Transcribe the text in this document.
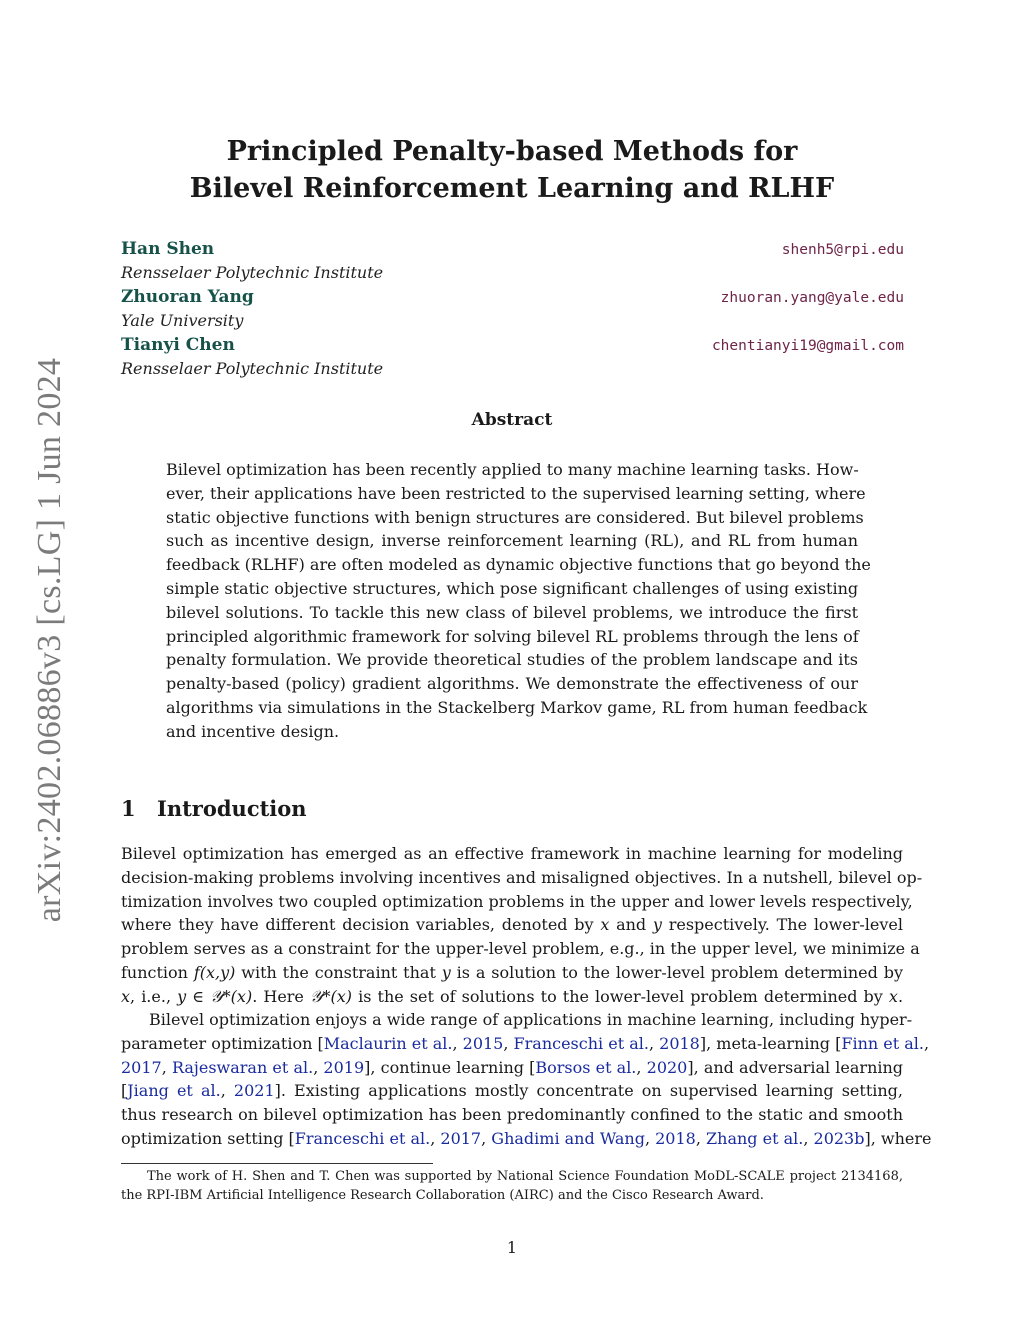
arXiv:2402.06886v3 [cs.LG] 1 Jun 2024
Principled Penalty-based Methods for
Bilevel Reinforcement Learning and RLHF
Han Shen	shenh5@rpi.edu
Rensselaer Polytechnic Institute
Zhuoran Yang	zhuoran.yang@yale.edu
Yale University
Tianyi Chen	chentianyi19@gmail.com
Rensselaer Polytechnic Institute
Abstract
Bilevel optimization has been recently applied to many machine learning tasks. How-
ever, their applications have been restricted to the supervised learning setting, where
static objective functions with benign structures are considered. But bilevel problems
such as incentive design, inverse reinforcement learning (RL), and RL from human
feedback (RLHF) are often modeled as dynamic objective functions that go beyond the
simple static objective structures, which pose significant challenges of using existing
bilevel solutions. To tackle this new class of bilevel problems, we introduce the first
principled algorithmic framework for solving bilevel RL problems through the lens of
penalty formulation. We provide theoretical studies of the problem landscape and its
penalty-based (policy) gradient algorithms. We demonstrate the effectiveness of our
algorithms via simulations in the Stackelberg Markov game, RL from human feedback
and incentive design.
1 Introduction
Bilevel optimization has emerged as an effective framework in machine learning for modeling
decision-making problems involving incentives and misaligned objectives. In a nutshell, bilevel op-
timization involves two coupled optimization problems in the upper and lower levels respectively,
where they have different decision variables, denoted by x and y respectively. The lower-level
problem serves as a constraint for the upper-level problem, e.g., in the upper level, we minimize a
function f(x,y) with the constraint that y is a solution to the lower-level problem determined by
x, i.e., y ∈ 𝒴*(x). Here 𝒴*(x) is the set of solutions to the lower-level problem determined by x.
Bilevel optimization enjoys a wide range of applications in machine learning, including hyper-
parameter optimization [Maclaurin et al., 2015, Franceschi et al., 2018], meta-learning [Finn et al.,
2017, Rajeswaran et al., 2019], continue learning [Borsos et al., 2020], and adversarial learning
[Jiang et al., 2021]. Existing applications mostly concentrate on supervised learning setting,
thus research on bilevel optimization has been predominantly confined to the static and smooth
optimization setting [Franceschi et al., 2017, Ghadimi and Wang, 2018, Zhang et al., 2023b], where
The work of H. Shen and T. Chen was supported by National Science Foundation MoDL-SCALE project 2134168,
the RPI-IBM Artificial Intelligence Research Collaboration (AIRC) and the Cisco Research Award.
1
